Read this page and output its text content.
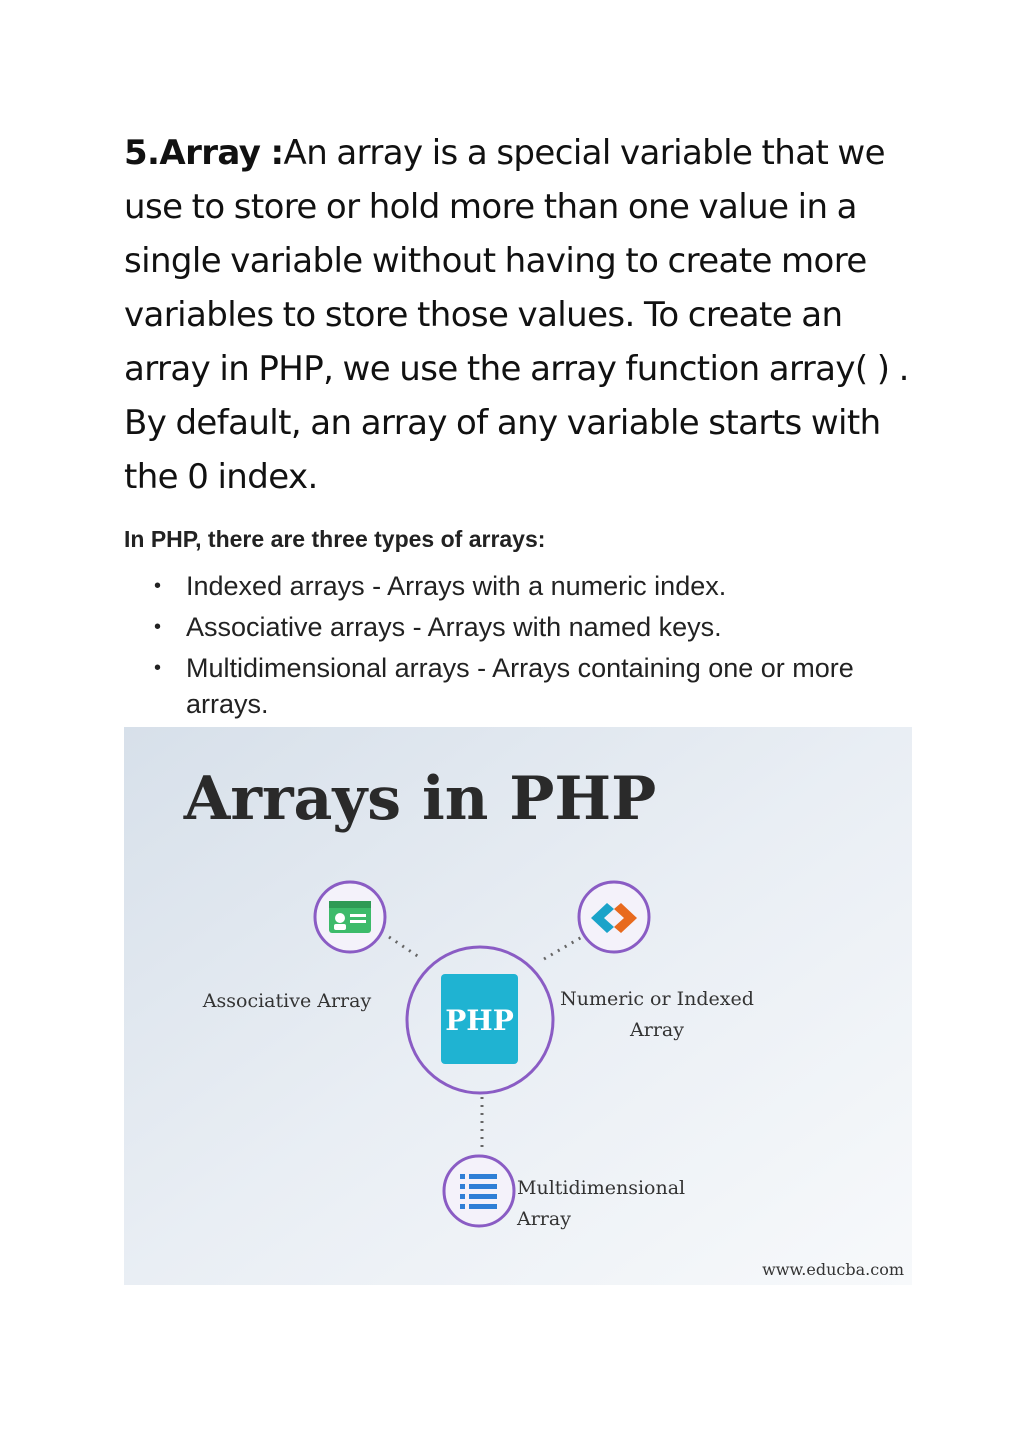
5.Array :An array is a special variable that we use to store or hold more than one value in a single variable without having to create more variables to store those values. To create an array in PHP, we use the array function array( ) . By default, an array of any variable starts with the 0 index.

In PHP, there are three types of arrays:

• Indexed arrays - Arrays with a numeric index.
• Associative arrays - Arrays with named keys.
• Multidimensional arrays - Arrays containing one or more arrays.
Arrays in PHP
PHP
Associative Array	Numeric or Indexed
Array
Multidimensional
Array
www.educba.com
